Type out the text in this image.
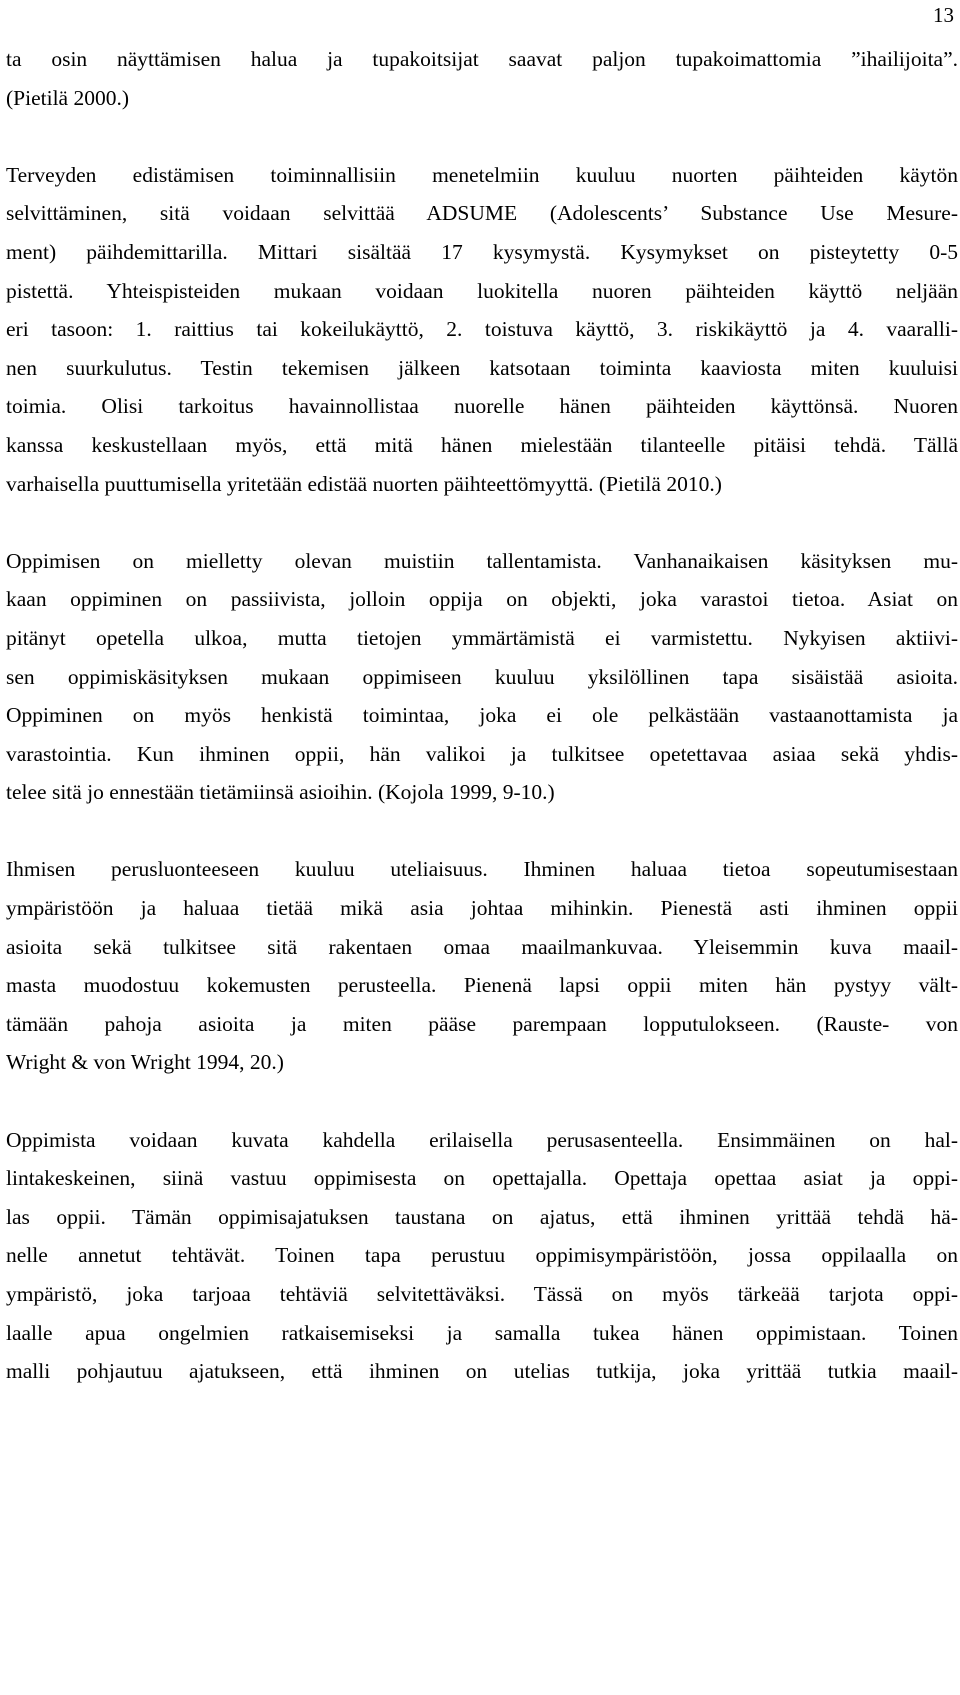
13
ta osin näyttämisen halua ja tupakoitsijat saavat paljon tupakoimattomia ”ihailijoita”.
(Pietilä 2000.)
Terveyden edistämisen toiminnallisiin menetelmiin kuuluu nuorten päihteiden käytön
selvittäminen, sitä voidaan selvittää ADSUME (Adolescents’ Substance Use Mesure-
ment) päihdemittarilla. Mittari sisältää 17 kysymystä. Kysymykset on pisteytetty 0-5
pistettä. Yhteispisteiden mukaan voidaan luokitella nuoren päihteiden käyttö neljään
eri tasoon: 1. raittius tai kokeilukäyttö, 2. toistuva käyttö, 3. riskikäyttö ja 4. vaaralli-
nen suurkulutus. Testin tekemisen jälkeen katsotaan toiminta kaaviosta miten kuuluisi
toimia. Olisi tarkoitus havainnollistaa nuorelle hänen päihteiden käyttönsä. Nuoren
kanssa keskustellaan myös, että mitä hänen mielestään tilanteelle pitäisi tehdä. Tällä
varhaisella puuttumisella yritetään edistää nuorten päihteettömyyttä. (Pietilä 2010.)
Oppimisen on mielletty olevan muistiin tallentamista. Vanhanaikaisen käsityksen mu-
kaan oppiminen on passiivista, jolloin oppija on objekti, joka varastoi tietoa. Asiat on
pitänyt opetella ulkoa, mutta tietojen ymmärtämistä ei varmistettu. Nykyisen aktiivi-
sen oppimiskäsityksen mukaan oppimiseen kuuluu yksilöllinen tapa sisäistää asioita.
Oppiminen on myös henkistä toimintaa, joka ei ole pelkästään vastaanottamista ja
varastointia. Kun ihminen oppii, hän valikoi ja tulkitsee opetettavaa asiaa sekä yhdis-
telee sitä jo ennestään tietämiinsä asioihin. (Kojola 1999, 9-10.)
Ihmisen perusluonteeseen kuuluu uteliaisuus. Ihminen haluaa tietoa sopeutumisestaan
ympäristöön ja haluaa tietää mikä asia johtaa mihinkin. Pienestä asti ihminen oppii
asioita sekä tulkitsee sitä rakentaen omaa maailmankuvaa. Yleisemmin kuva maail-
masta muodostuu kokemusten perusteella. Pienenä lapsi oppii miten hän pystyy vält-
tämään pahoja asioita ja miten pääse parempaan lopputulokseen. (Rauste- von
Wright & von Wright 1994, 20.)
Oppimista voidaan kuvata kahdella erilaisella perusasenteella. Ensimmäinen on hal-
lintakeskeinen, siinä vastuu oppimisesta on opettajalla. Opettaja opettaa asiat ja oppi-
las oppii. Tämän oppimisajatuksen taustana on ajatus, että ihminen yrittää tehdä hä-
nelle annetut tehtävät. Toinen tapa perustuu oppimisympäristöön, jossa oppilaalla on
ympäristö, joka tarjoaa tehtäviä selvitettäväksi. Tässä on myös tärkeää tarjota oppi-
laalle apua ongelmien ratkaisemiseksi ja samalla tukea hänen oppimistaan. Toinen
malli pohjautuu ajatukseen, että ihminen on utelias tutkija, joka yrittää tutkia maail-
